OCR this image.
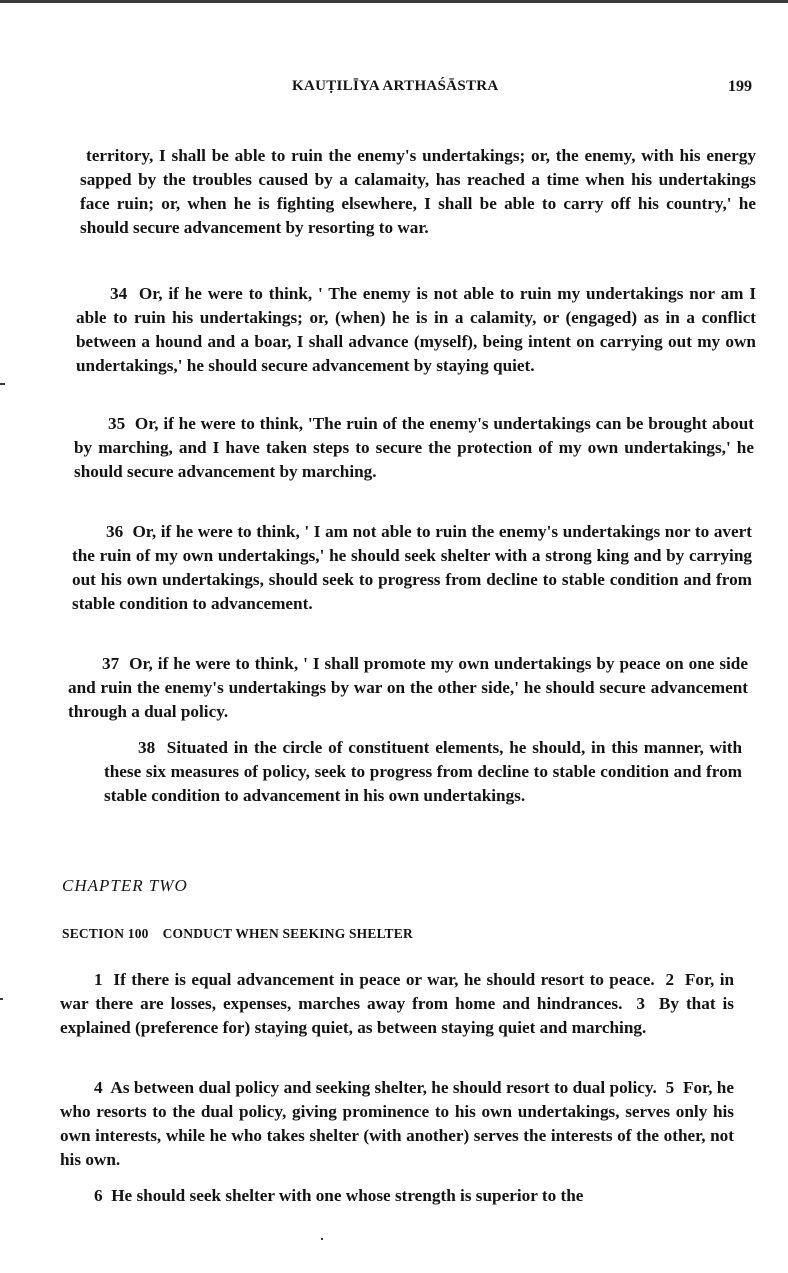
KAUṬILĪYA ARTHAŚĀSTRA	199

territory, I shall be able to ruin the enemy's undertakings; or, the enemy, with his energy sapped by the troubles caused by a calamaity, has reached a time when his undertakings face ruin; or, when he is fighting elsewhere, I shall be able to carry off his country,' he should secure advancement by resorting to war.

34 Or, if he were to think, ' The enemy is not able to ruin my undertakings nor am I able to ruin his undertakings; or, (when) he is in a calamity, or (engaged) as in a conflict between a hound and a boar, I shall advance (myself), being intent on carrying out my own undertakings,' he should secure advancement by staying quiet.

35 Or, if he were to think, 'The ruin of the enemy's undertakings can be brought about by marching, and I have taken steps to secure the protection of my own undertakings,' he should secure advancement by marching.

36 Or, if he were to think, ' I am not able to ruin the enemy's undertakings nor to avert the ruin of my own undertakings,' he should seek shelter with a strong king and by carrying out his own undertakings, should seek to progress from decline to stable condition and from stable condition to advancement.

37 Or, if he were to think, ' I shall promote my own undertakings by peace on one side and ruin the enemy's undertakings by war on the other side,' he should secure advancement through a dual policy.

38 Situated in the circle of constituent elements, he should, in this manner, with these six measures of policy, seek to progress from decline to stable condition and from stable condition to advancement in his own undertakings.

CHAPTER TWO
SECTION 100 CONDUCT WHEN SEEKING SHELTER

1 If there is equal advancement in peace or war, he should resort to peace. 2 For, in war there are losses, expenses, marches away from home and hindrances. 3 By that is explained (preference for) staying quiet, as between staying quiet and marching.

4 As between dual policy and seeking shelter, he should resort to dual policy. 5 For, he who resorts to the dual policy, giving prominence to his own undertakings, serves only his own interests, while he who takes shelter (with another) serves the interests of the other, not his own.

6 He should seek shelter with one whose strength is superior to the
